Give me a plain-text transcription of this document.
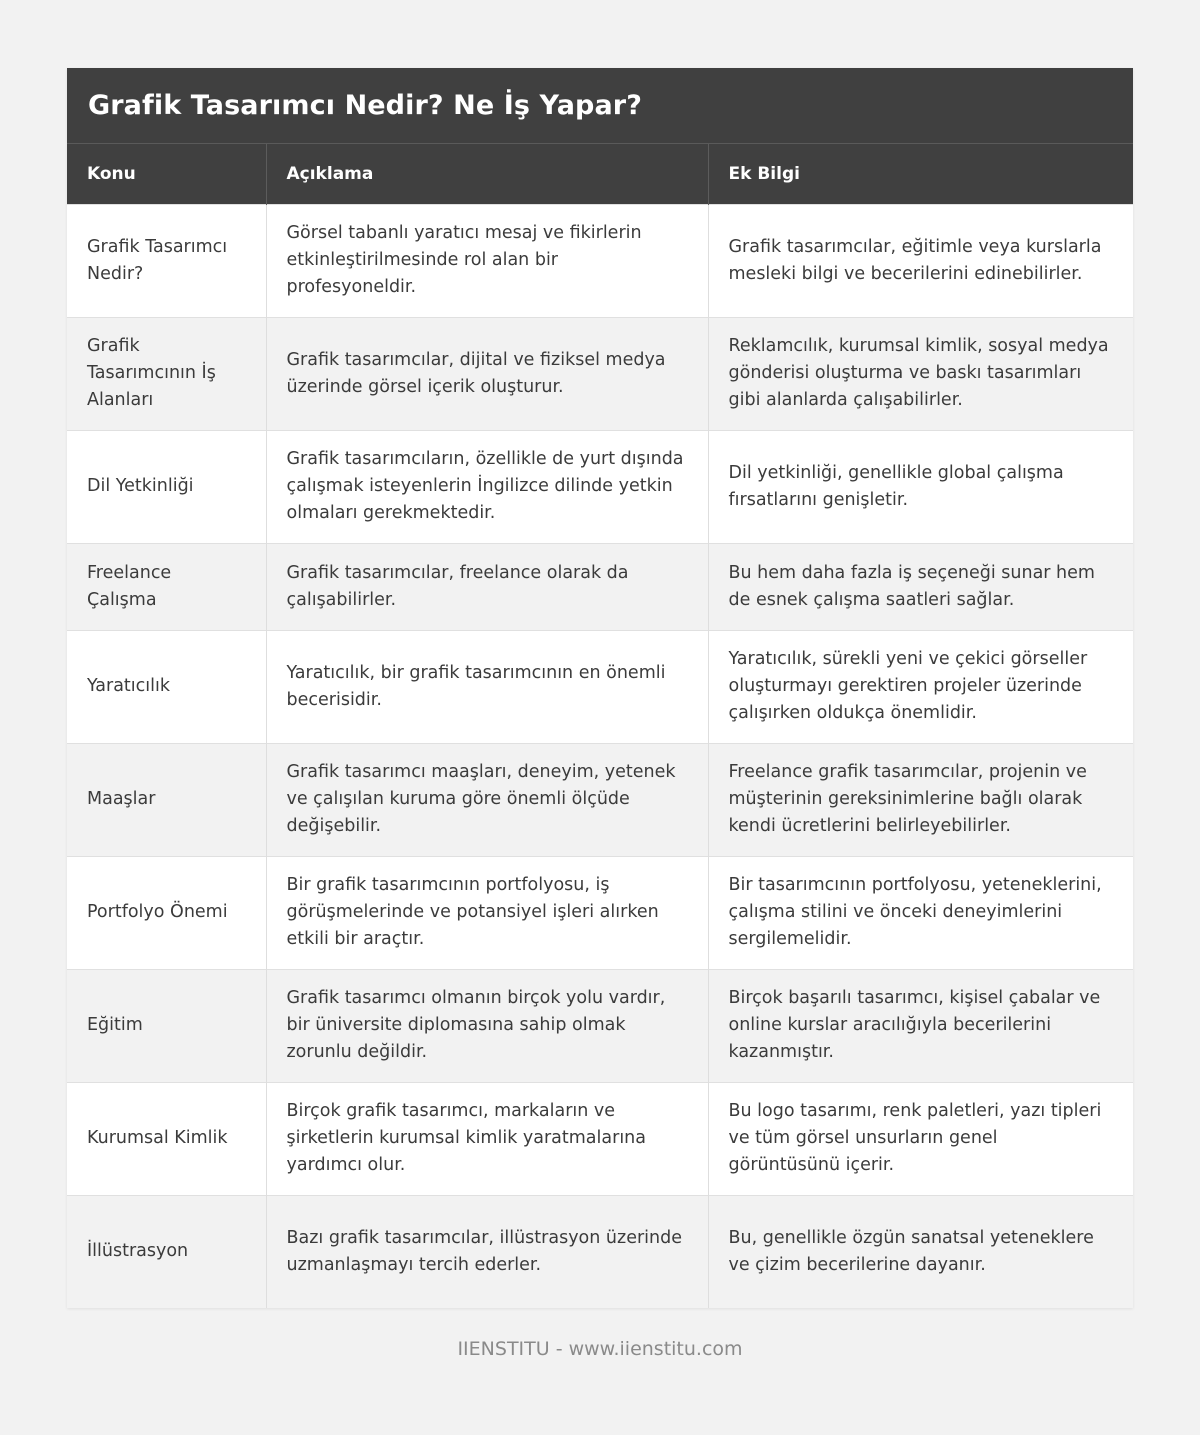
Grafik Tasarımcı Nedir? Ne İş Yapar?
Konu	Açıklama	Ek Bilgi
Grafik Tasarımcı Nedir?	Görsel tabanlı yaratıcı mesaj ve fikirlerin etkinleştirilmesinde rol alan bir profesyoneldir.	Grafik tasarımcılar, eğitimle veya kurslarla mesleki bilgi ve becerilerini edinebilirler.
Grafik Tasarımcının İş Alanları	Grafik tasarımcılar, dijital ve fiziksel medya üzerinde görsel içerik oluşturur.	Reklamcılık, kurumsal kimlik, sosyal medya gönderisi oluşturma ve baskı tasarımları gibi alanlarda çalışabilirler.
Dil Yetkinliği	Grafik tasarımcıların, özellikle de yurt dışında çalışmak isteyenlerin İngilizce dilinde yetkin olmaları gerekmektedir.	Dil yetkinliği, genellikle global çalışma fırsatlarını genişletir.
Freelance Çalışma	Grafik tasarımcılar, freelance olarak da çalışabilirler.	Bu hem daha fazla iş seçeneği sunar hem de esnek çalışma saatleri sağlar.
Yaratıcılık	Yaratıcılık, bir grafik tasarımcının en önemli becerisidir.	Yaratıcılık, sürekli yeni ve çekici görseller oluşturmayı gerektiren projeler üzerinde çalışırken oldukça önemlidir.
Maaşlar	Grafik tasarımcı maaşları, deneyim, yetenek ve çalışılan kuruma göre önemli ölçüde değişebilir.	Freelance grafik tasarımcılar, projenin ve müşterinin gereksinimlerine bağlı olarak kendi ücretlerini belirleyebilirler.
Portfolyo Önemi	Bir grafik tasarımcının portfolyosu, iş görüşmelerinde ve potansiyel işleri alırken etkili bir araçtır.	Bir tasarımcının portfolyosu, yeteneklerini, çalışma stilini ve önceki deneyimlerini sergilemelidir.
Eğitim	Grafik tasarımcı olmanın birçok yolu vardır, bir üniversite diplomasına sahip olmak zorunlu değildir.	Birçok başarılı tasarımcı, kişisel çabalar ve online kurslar aracılığıyla becerilerini kazanmıştır.
Kurumsal Kimlik	Birçok grafik tasarımcı, markaların ve şirketlerin kurumsal kimlik yaratmalarına yardımcı olur.	Bu logo tasarımı, renk paletleri, yazı tipleri ve tüm görsel unsurların genel görüntüsünü içerir.
İllüstrasyon	Bazı grafik tasarımcılar, illüstrasyon üzerinde uzmanlaşmayı tercih ederler.	Bu, genellikle özgün sanatsal yeteneklere ve çizim becerilerine dayanır.
IIENSTITU - www.iienstitu.com
